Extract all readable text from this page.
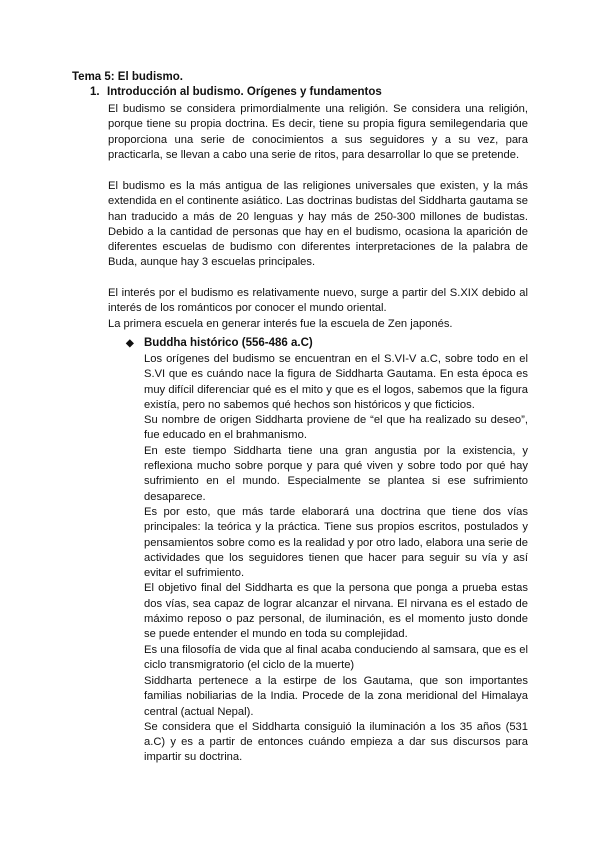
Tema 5: El budismo.
1. Introducción al budismo. Orígenes y fundamentos

El budismo se considera primordialmente una religión. Se considera una religión, porque tiene su propia doctrina. Es decir, tiene su propia figura semilegendaria que proporciona una serie de conocimientos a sus seguidores y a su vez, para practicarla, se llevan a cabo una serie de ritos, para desarrollar lo que se pretende.

El budismo es la más antigua de las religiones universales que existen, y la más extendida en el continente asiático. Las doctrinas budistas del Siddharta gautama se han traducido a más de 20 lenguas y hay más de 250-300 millones de budistas. Debido a la cantidad de personas que hay en el budismo, ocasiona la aparición de diferentes escuelas de budismo con diferentes interpretaciones de la palabra de Buda, aunque hay 3 escuelas principales.

El interés por el budismo es relativamente nuevo, surge a partir del S.XIX debido al interés de los románticos por conocer el mundo oriental.

La primera escuela en generar interés fue la escuela de Zen japonés.

◆ Buddha histórico (556-486 a.C)

Los orígenes del budismo se encuentran en el S.VI-V a.C, sobre todo en el S.VI que es cuándo nace la figura de Siddharta Gautama. En esta época es muy difícil diferenciar qué es el mito y que es el logos, sabemos que la figura existía, pero no sabemos qué hechos son históricos y que ficticios.

Su nombre de origen Siddharta proviene de “el que ha realizado su deseo”, fue educado en el brahmanismo.

En este tiempo Siddharta tiene una gran angustia por la existencia, y reflexiona mucho sobre porque y para qué viven y sobre todo por qué hay sufrimiento en el mundo. Especialmente se plantea si ese sufrimiento desaparece.

Es por esto, que más tarde elaborará una doctrina que tiene dos vías principales: la teórica y la práctica. Tiene sus propios escritos, postulados y pensamientos sobre como es la realidad y por otro lado, elabora una serie de actividades que los seguidores tienen que hacer para seguir su vía y así evitar el sufrimiento.

El objetivo final del Siddharta es que la persona que ponga a prueba estas dos vías, sea capaz de lograr alcanzar el nirvana. El nirvana es el estado de máximo reposo o paz personal, de iluminación, es el momento justo donde se puede entender el mundo en toda su complejidad.

Es una filosofía de vida que al final acaba conduciendo al samsara, que es el ciclo transmigratorio (el ciclo de la muerte)

Siddharta pertenece a la estirpe de los Gautama, que son importantes familias nobiliarias de la India. Procede de la zona meridional del Himalaya central (actual Nepal).

Se considera que el Siddharta consiguió la iluminación a los 35 años (531 a.C) y es a partir de entonces cuándo empieza a dar sus discursos para impartir su doctrina.
